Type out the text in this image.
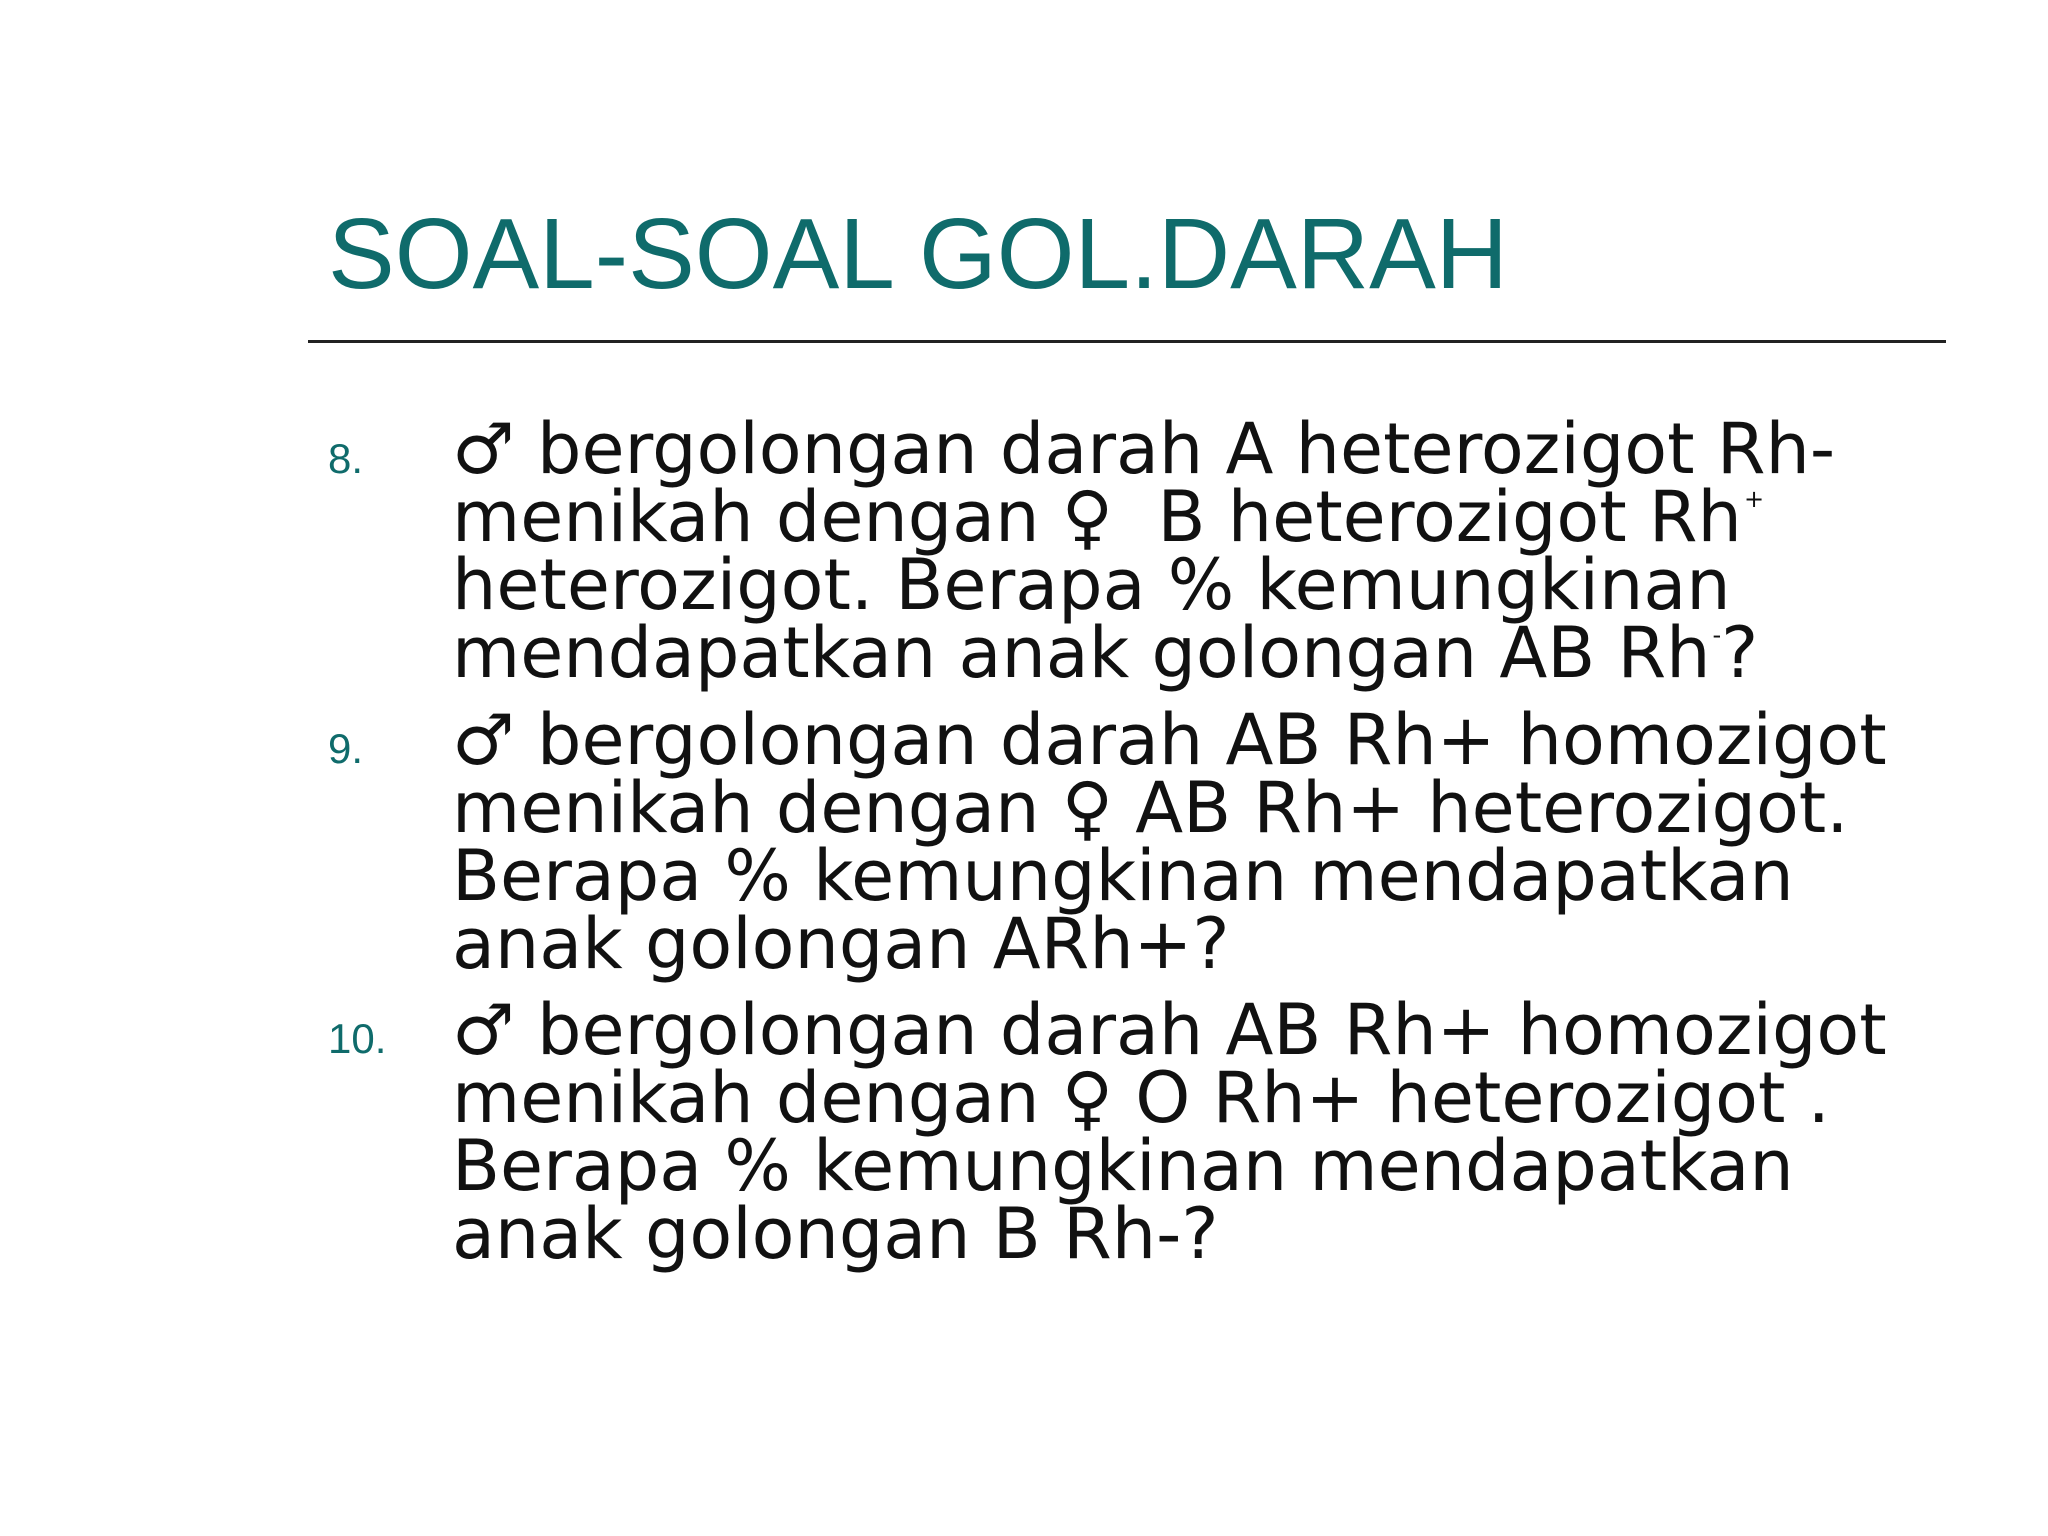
SOAL-SOAL GOL.DARAH
8. ♂ bergolongan darah A heterozigot Rh-
menikah dengan ♀  B heterozigot Rh+
heterozigot. Berapa % kemungkinan
mendapatkan anak golongan AB Rh-?
9. ♂ bergolongan darah AB Rh+ homozigot
menikah dengan ♀ AB Rh+ heterozigot.
Berapa % kemungkinan mendapatkan
anak golongan ARh+?
10. ♂ bergolongan darah AB Rh+ homozigot
menikah dengan ♀ O Rh+ heterozigot .
Berapa % kemungkinan mendapatkan
anak golongan B Rh-?
